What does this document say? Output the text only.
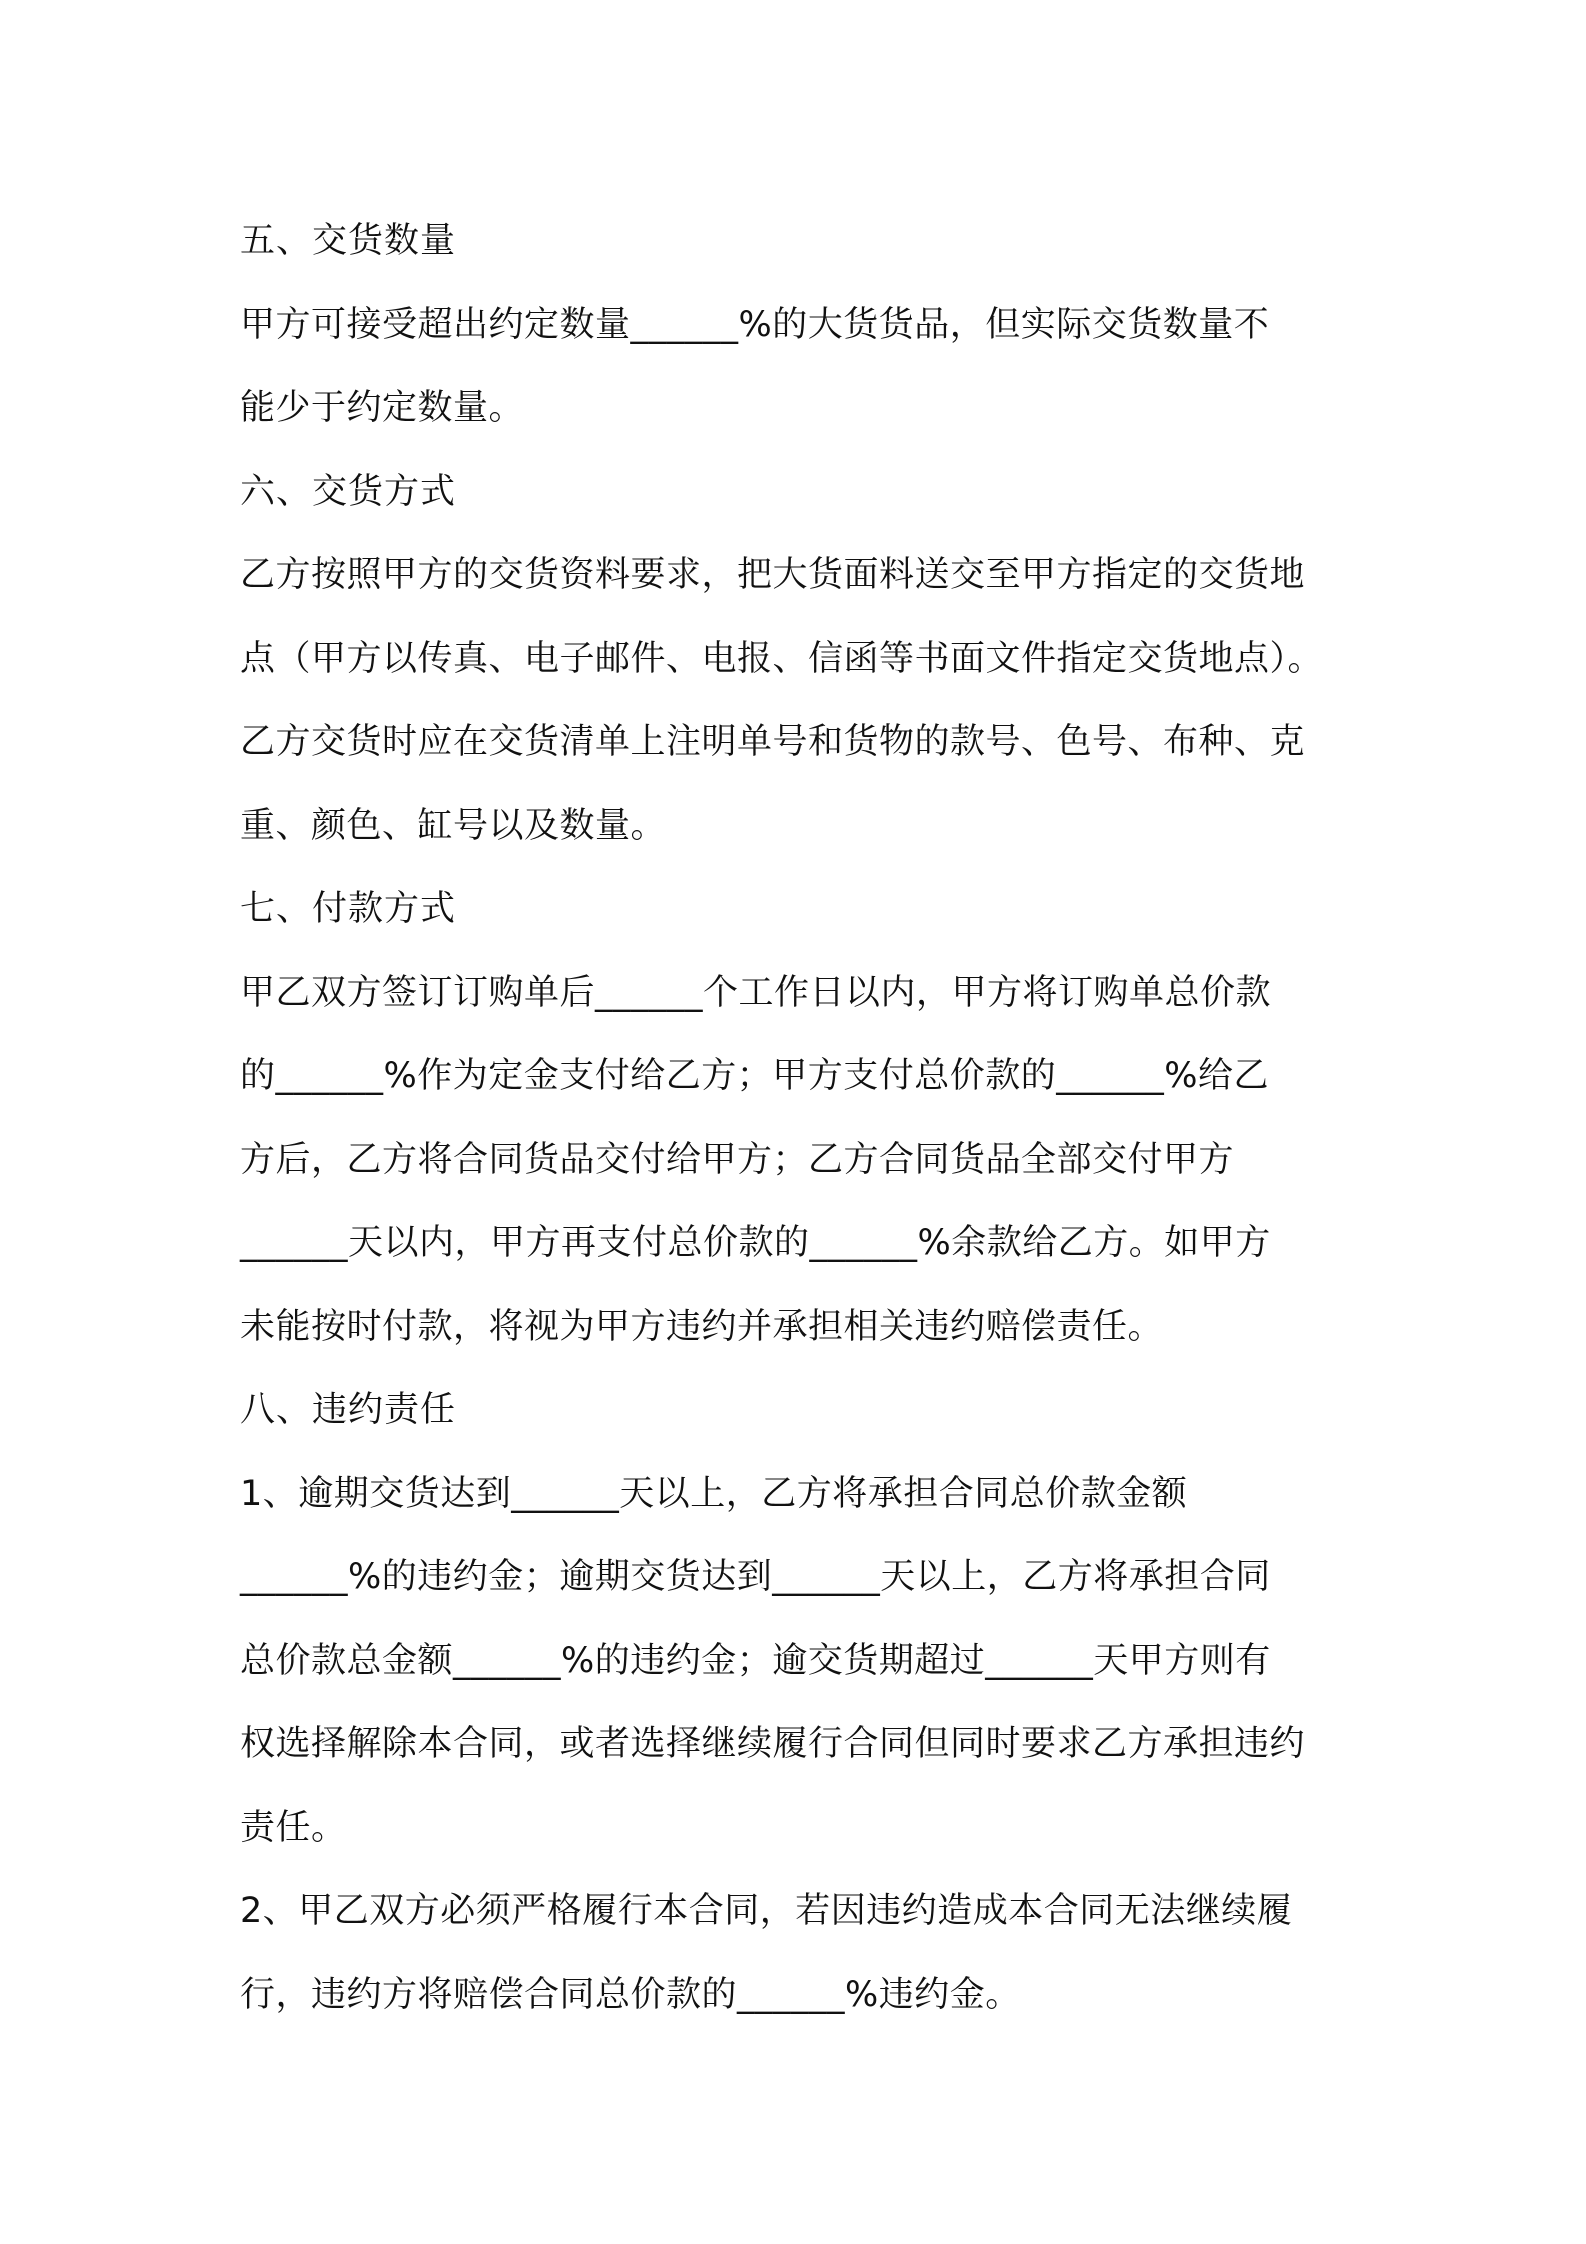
五、交货数量
甲方可接受超出约定数量______%的大货货品，但实际交货数量不
能少于约定数量。
六、交货方式
乙方按照甲方的交货资料要求，把大货面料送交至甲方指定的交货地
点（甲方以传真、电子邮件、电报、信函等书面文件指定交货地点）。
乙方交货时应在交货清单上注明单号和货物的款号、色号、布种、克
重、颜色、缸号以及数量。
七、付款方式
甲乙双方签订订购单后______个工作日以内，甲方将订购单总价款
的______%作为定金支付给乙方；甲方支付总价款的______%给乙
方后，乙方将合同货品交付给甲方；乙方合同货品全部交付甲方
______天以内，甲方再支付总价款的______%余款给乙方。如甲方
未能按时付款，将视为甲方违约并承担相关违约赔偿责任。
八、违约责任
1、逾期交货达到______天以上，乙方将承担合同总价款金额
______%的违约金；逾期交货达到______天以上，乙方将承担合同
总价款总金额______%的违约金；逾交货期超过______天甲方则有
权选择解除本合同，或者选择继续履行合同但同时要求乙方承担违约
责任。
2、甲乙双方必须严格履行本合同，若因违约造成本合同无法继续履
行，违约方将赔偿合同总价款的______%违约金。
